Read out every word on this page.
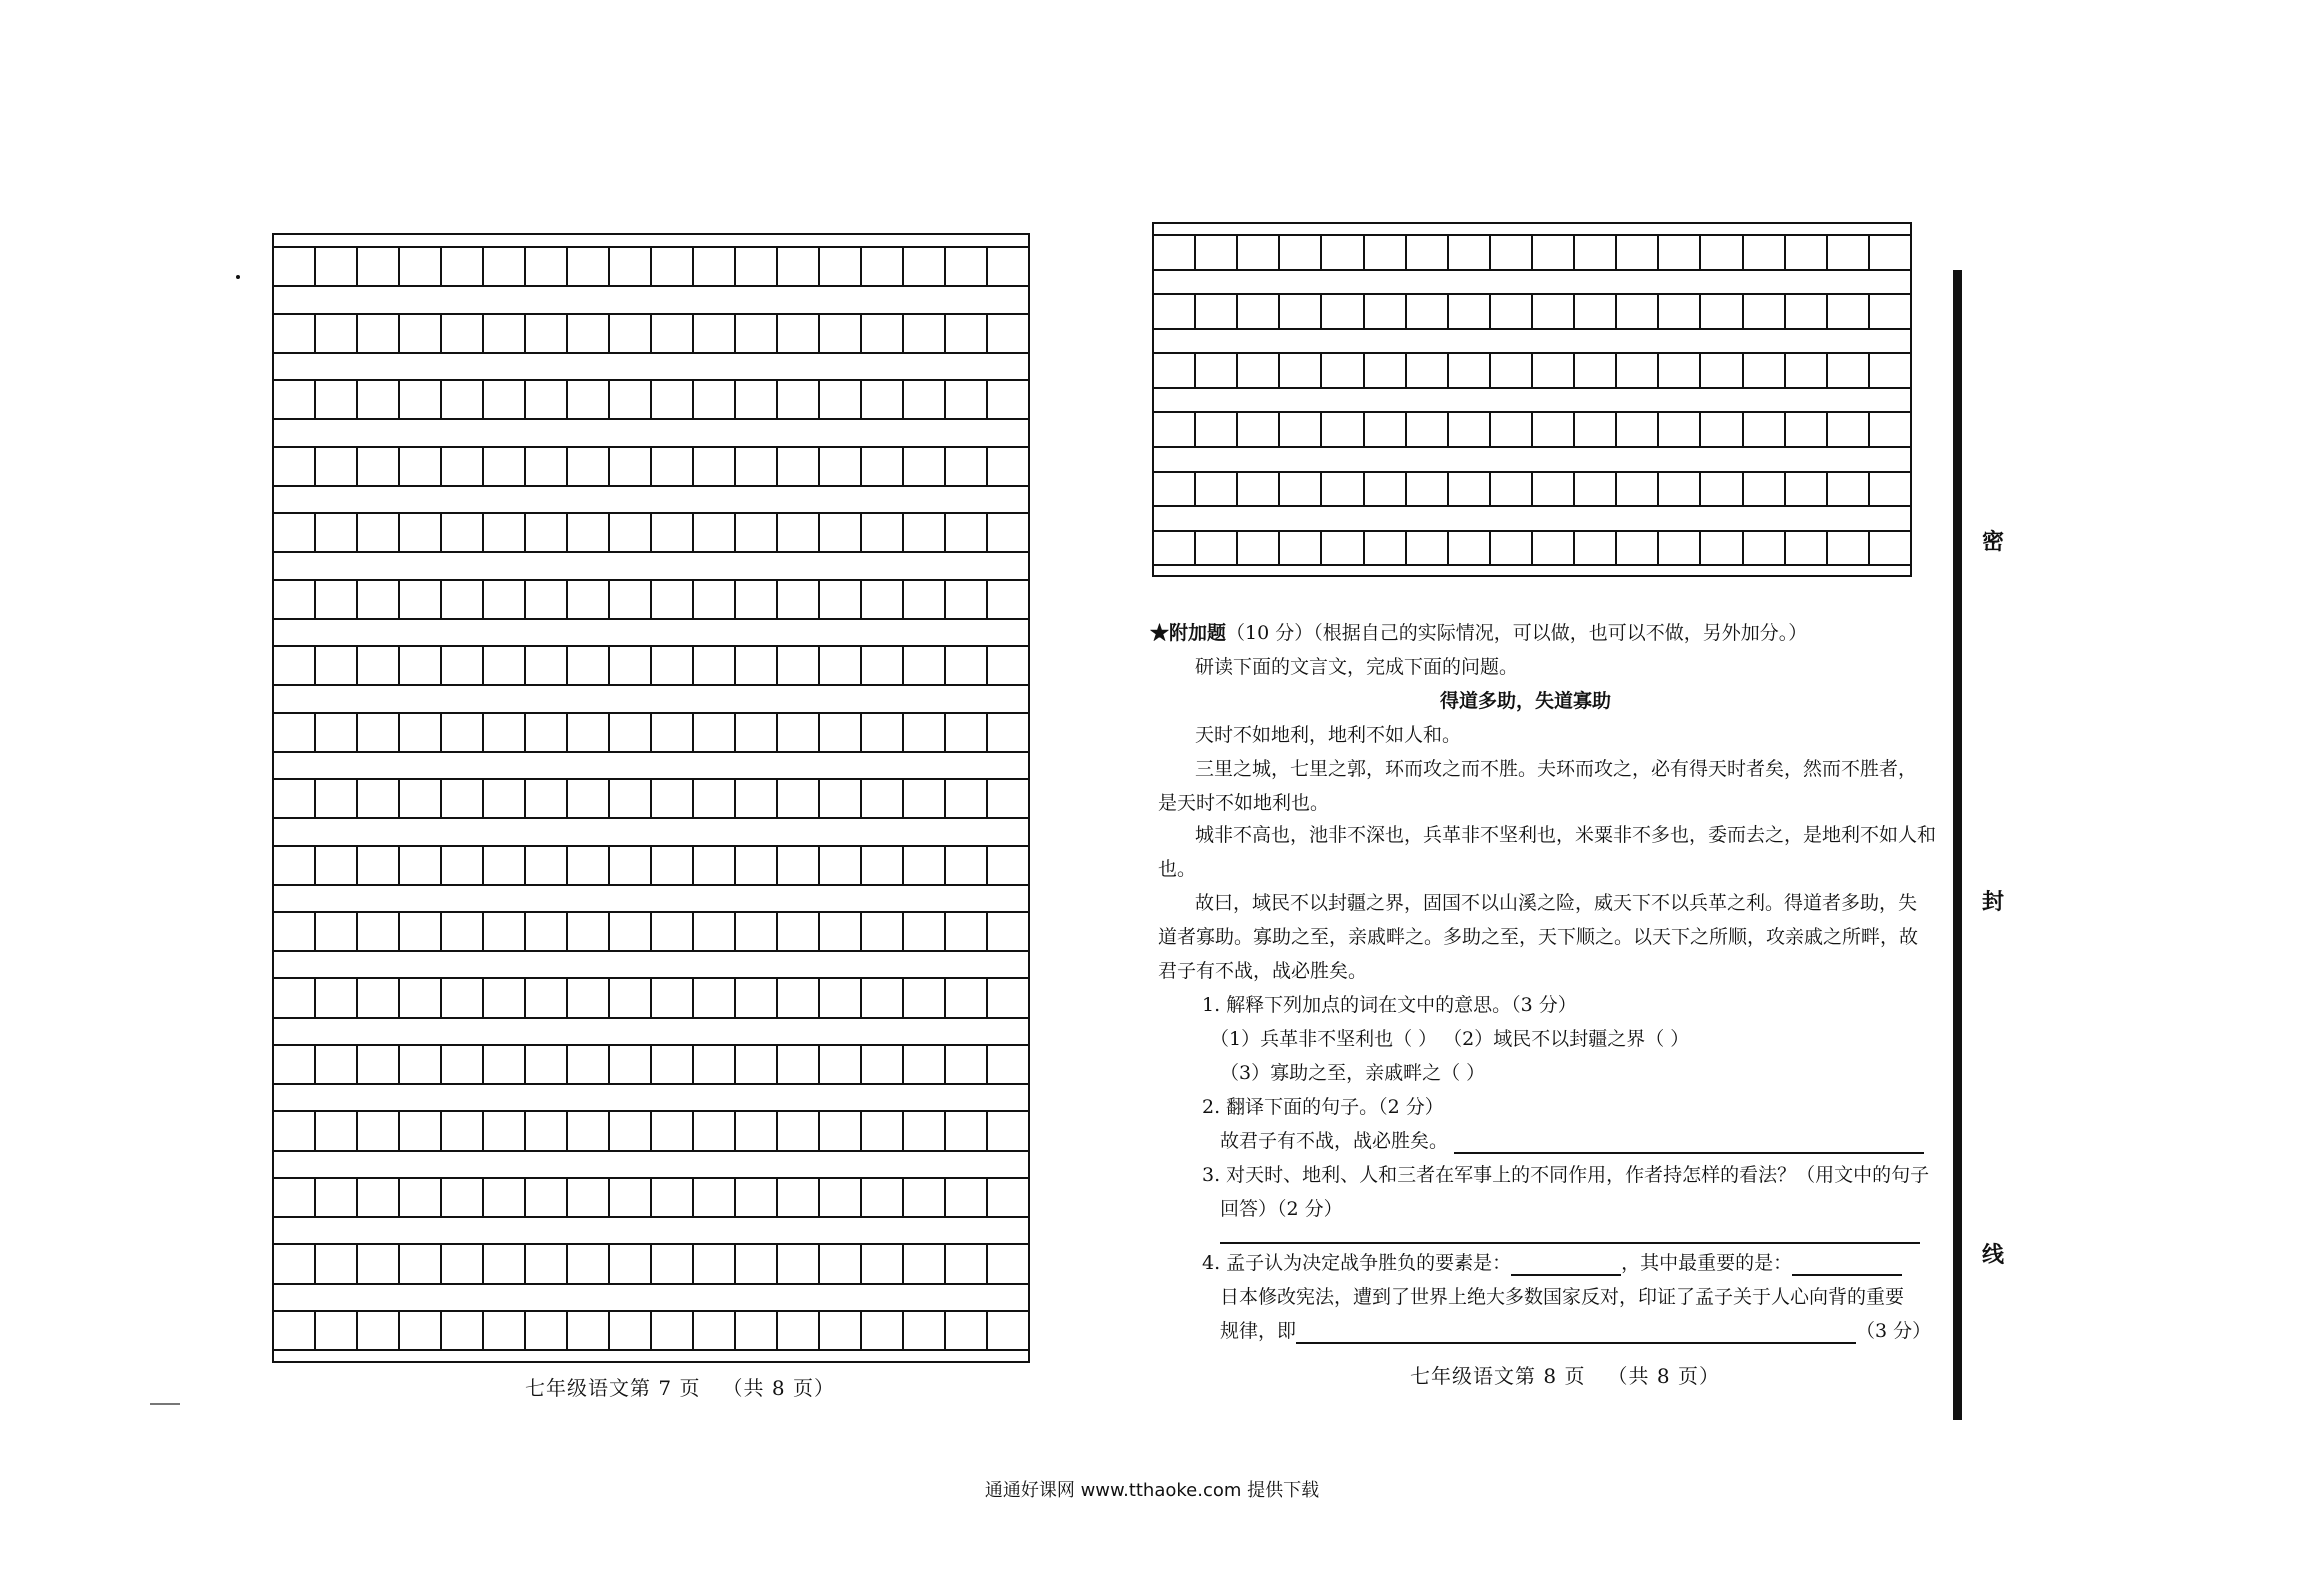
七年级语文第 7 页   （共 8 页）
★附加题（10 分）（根据自己的实际情况，可以做，也可以不做，另外加分。）
研读下面的文言文，完成下面的问题。
得道多助，失道寡助
天时不如地利，地利不如人和。
三里之城，七里之郭，环而攻之而不胜。夫环而攻之，必有得天时者矣，然而不胜者，
是天时不如地利也。
城非不高也，池非不深也，兵革非不坚利也，米粟非不多也，委而去之，是地利不如人和
也。
故曰，域民不以封疆之界，固国不以山溪之险，威天下不以兵革之利。得道者多助，失
道者寡助。寡助之至，亲戚畔之。多助之至，天下顺之。以天下之所顺，攻亲戚之所畔，故
君子有不战，战必胜矣。
1. 解释下列加点的词在文中的意思。（3 分）
（1）兵革非不坚利也（ ） （2）域民不以封疆之界（ ）
（3）寡助之至，亲戚畔之（ ）
2. 翻译下面的句子。（2 分）
故君子有不战，战必胜矣。
3. 对天时、地利、人和三者在军事上的不同作用，作者持怎样的看法？（用文中的句子
回答）（2 分）
4. 孟子认为决定战争胜负的要素是：	，其中最重要的是：
日本修改宪法，遭到了世界上绝大多数国家反对，印证了孟子关于人心向背的重要
规律，即	（3 分）
七年级语文第 8 页   （共 8 页）
密
封
线
通通好课网 www.tthaoke.com 提供下载
